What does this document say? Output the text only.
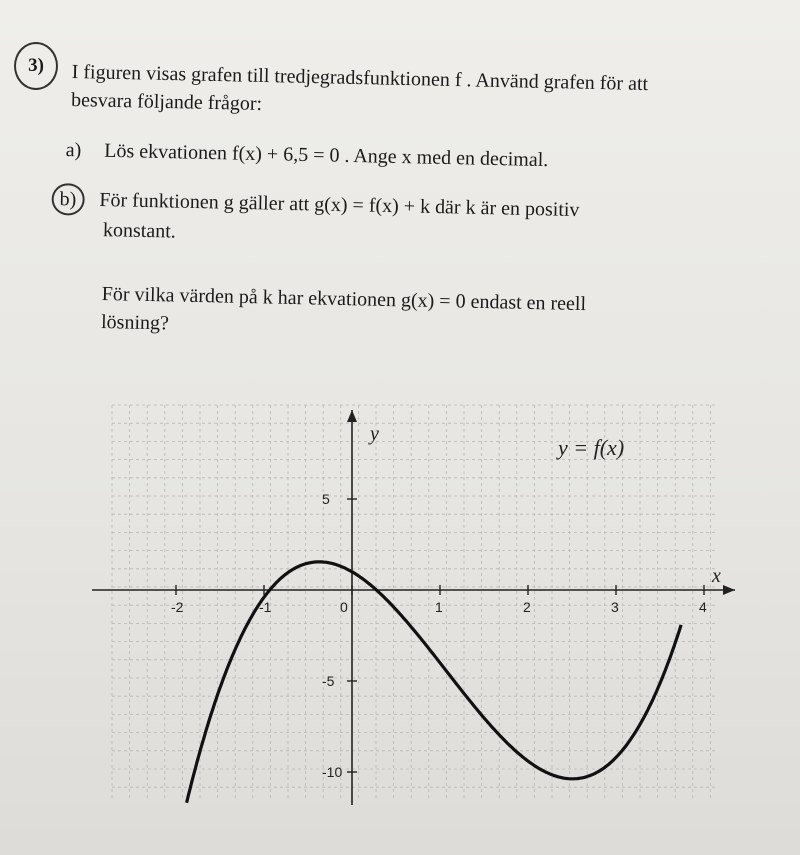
3)	I figuren visas grafen till tredjegradsfunktionen f . Använd grafen för att
besvara följande frågor:
a) Lös ekvationen f(x) + 6,5 = 0 . Ange x med en decimal.
b) För funktionen g gäller att g(x) = f(x) + k där k är en positiv
konstant.
För vilka värden på k har ekvationen g(x) = 0 endast en reell
lösning?
-2	-1	0	1	2	3	4
5
-5
-10
x
y
y = f(x)
